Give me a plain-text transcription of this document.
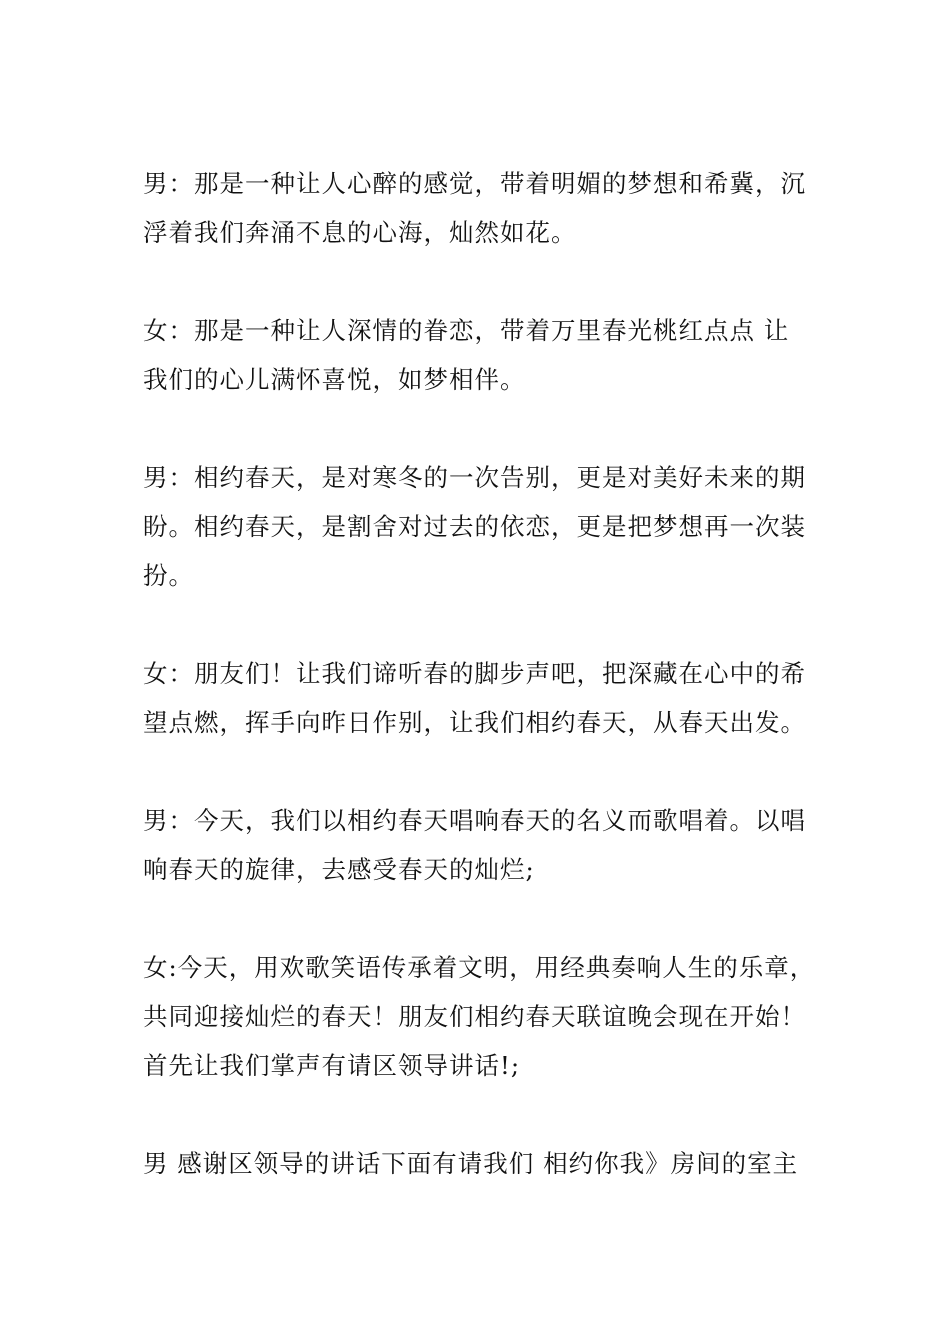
男：那是一种让人心醉的感觉，带着明媚的梦想和希冀，沉
浮着我们奔涌不息的心海，灿然如花。

女：那是一种让人深情的眷恋，带着万里春光桃红点点 让
我们的心儿满怀喜悦，如梦相伴。

男：相约春天，是对寒冬的一次告别，更是对美好未来的期
盼。相约春天，是割舍对过去的依恋，更是把梦想再一次装
扮。

女：朋友们！让我们谛听春的脚步声吧，把深藏在心中的希
望点燃，挥手向昨日作别，让我们相约春天，从春天出发。

男：今天，我们以相约春天唱响春天的名义而歌唱着。以唱
响春天的旋律，去感受春天的灿烂;

女:今天，用欢歌笑语传承着文明，用经典奏响人生的乐章，
共同迎接灿烂的春天！朋友们相约春天联谊晚会现在开始！
首先让我们掌声有请区领导讲话!;

男 感谢区领导的讲话下面有请我们 相约你我》房间的室主
